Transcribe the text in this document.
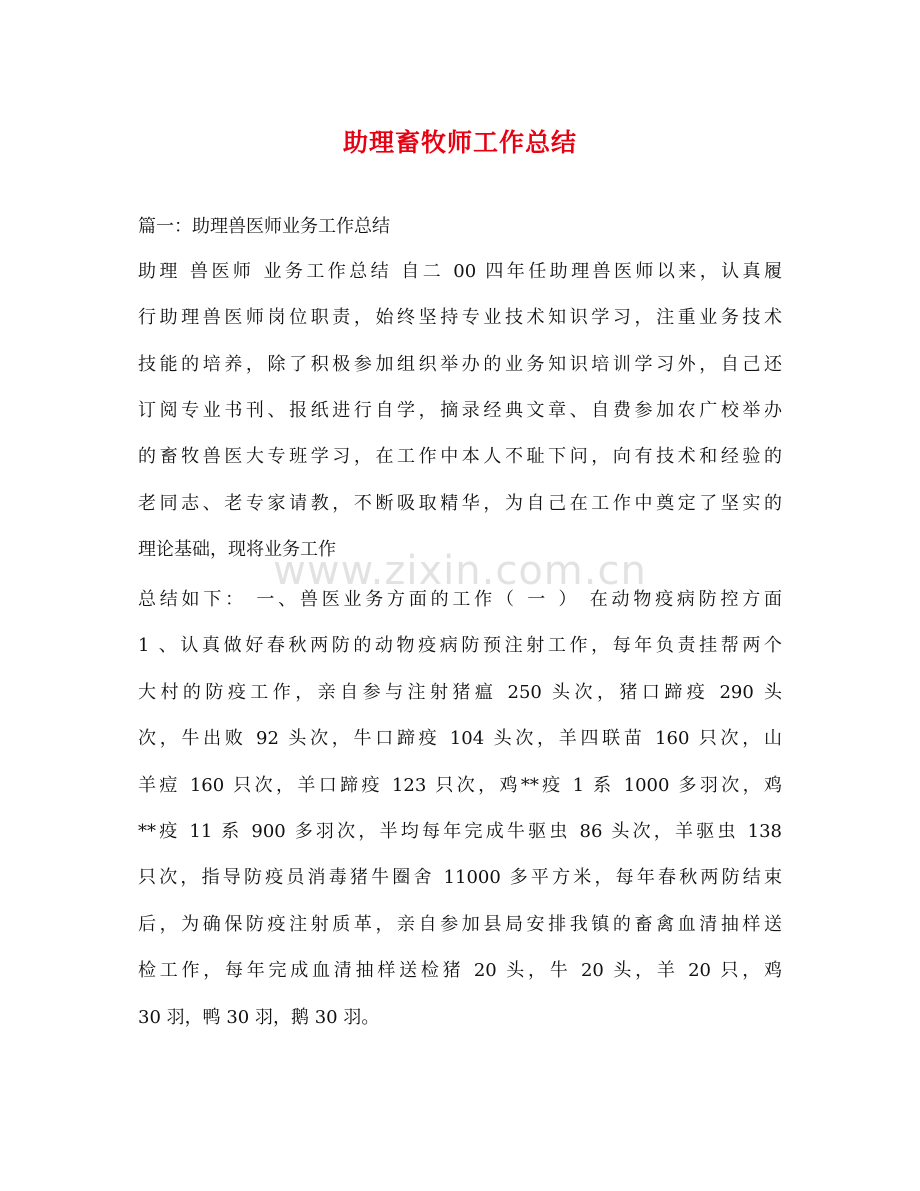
助理畜牧师工作总结
篇一：助理兽医师业务工作总结
助理 兽医师 业务工作总结 自二 00 四年任助理兽医师以来，认真履
行助理兽医师岗位职责，始终坚持专业技术知识学习，注重业务技术
技能的培养，除了积极参加组织举办的业务知识培训学习外，自己还
订阅专业书刊、报纸进行自学，摘录经典文章、自费参加农广校举办
的畜牧兽医大专班学习，在工作中本人不耻下问，向有技术和经验的
老同志、老专家请教，不断吸取精华，为自己在工作中奠定了坚实的
理论基础，现将业务工作
总结如下： 一、兽医业务方面的工作（ 一 ） 在动物疫病防控方面
1 、认真做好春秋两防的动物疫病防预注射工作，每年负责挂帮两个
大村的防疫工作，亲自参与注射猪瘟 250 头次，猪口蹄疫 290 头
次，牛出败 92 头次，牛口蹄疫 104 头次，羊四联苗 160 只次，山
羊痘 160 只次，羊口蹄疫 123 只次，鸡**疫 1 系 1000 多羽次，鸡
**疫 11 系 900 多羽次，半均每年完成牛驱虫 86 头次，羊驱虫 138
只次，指导防疫员消毒猪牛圈舍 11000 多平方米，每年春秋两防结束
后，为确保防疫注射质革，亲自参加县局安排我镇的畜禽血清抽样送
检工作，每年完成血清抽样送检猪 20 头，牛 20 头，羊 20 只，鸡
30 羽，鸭 30 羽，鹅 30 羽。
www.zixin.com.cn
